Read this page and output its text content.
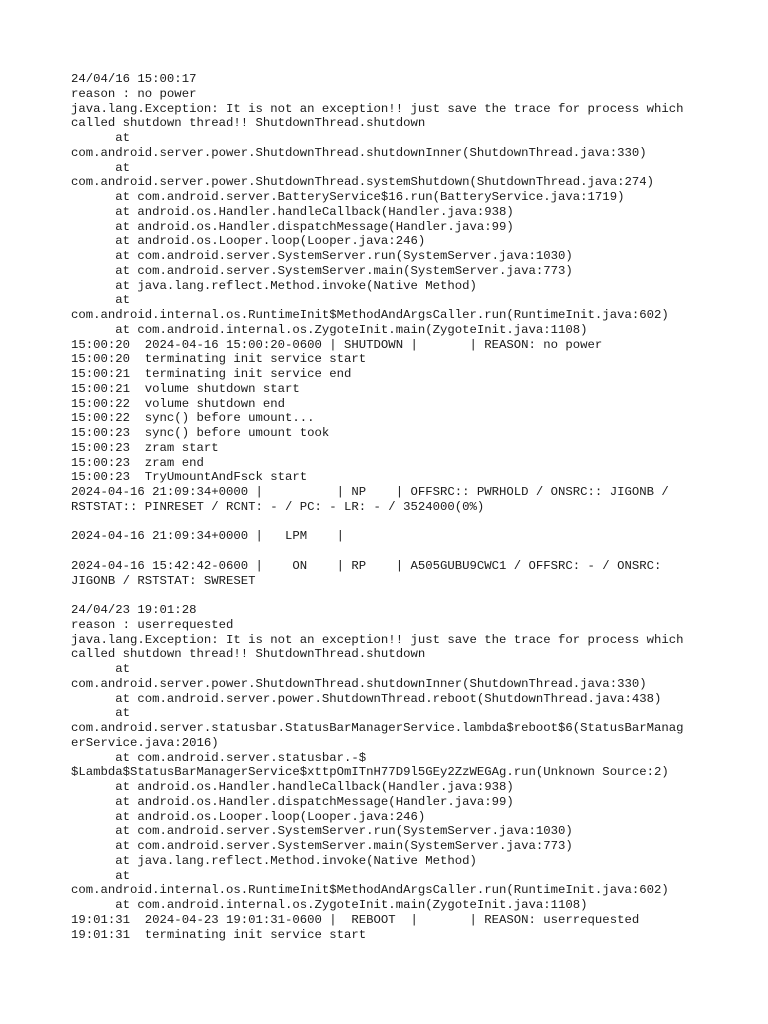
24/04/16 15:00:17
reason : no power
java.lang.Exception: It is not an exception!! just save the trace for process which
called shutdown thread!! ShutdownThread.shutdown
at
com.android.server.power.ShutdownThread.shutdownInner(ShutdownThread.java:330)
at
com.android.server.power.ShutdownThread.systemShutdown(ShutdownThread.java:274)
at com.android.server.BatteryService$16.run(BatteryService.java:1719)
at android.os.Handler.handleCallback(Handler.java:938)
at android.os.Handler.dispatchMessage(Handler.java:99)
at android.os.Looper.loop(Looper.java:246)
at com.android.server.SystemServer.run(SystemServer.java:1030)
at com.android.server.SystemServer.main(SystemServer.java:773)
at java.lang.reflect.Method.invoke(Native Method)
at
com.android.internal.os.RuntimeInit$MethodAndArgsCaller.run(RuntimeInit.java:602)
at com.android.internal.os.ZygoteInit.main(ZygoteInit.java:1108)
15:00:20  2024-04-16 15:00:20-0600 | SHUTDOWN |       | REASON: no power
15:00:20  terminating init service start
15:00:21  terminating init service end
15:00:21  volume shutdown start
15:00:22  volume shutdown end
15:00:22  sync() before umount...
15:00:23  sync() before umount took
15:00:23  zram start
15:00:23  zram end
15:00:23  TryUmountAndFsck start
2024-04-16 21:09:34+0000 |          | NP    | OFFSRC:: PWRHOLD / ONSRC:: JIGONB /
RSTSTAT:: PINRESET / RCNT: - / PC: - LR: - / 3524000(0%)
2024-04-16 21:09:34+0000 |   LPM    |
2024-04-16 15:42:42-0600 |    ON    | RP    | A505GUBU9CWC1 / OFFSRC: - / ONSRC:
JIGONB / RSTSTAT: SWRESET
24/04/23 19:01:28
reason : userrequested
java.lang.Exception: It is not an exception!! just save the trace for process which
called shutdown thread!! ShutdownThread.shutdown
at
com.android.server.power.ShutdownThread.shutdownInner(ShutdownThread.java:330)
at com.android.server.power.ShutdownThread.reboot(ShutdownThread.java:438)
at
com.android.server.statusbar.StatusBarManagerService.lambda$reboot$6(StatusBarManag
erService.java:2016)
at com.android.server.statusbar.-$
$Lambda$StatusBarManagerService$xttpOmITnH77D9l5GEy2ZzWEGAg.run(Unknown Source:2)
at android.os.Handler.handleCallback(Handler.java:938)
at android.os.Handler.dispatchMessage(Handler.java:99)
at android.os.Looper.loop(Looper.java:246)
at com.android.server.SystemServer.run(SystemServer.java:1030)
at com.android.server.SystemServer.main(SystemServer.java:773)
at java.lang.reflect.Method.invoke(Native Method)
at
com.android.internal.os.RuntimeInit$MethodAndArgsCaller.run(RuntimeInit.java:602)
at com.android.internal.os.ZygoteInit.main(ZygoteInit.java:1108)
19:01:31  2024-04-23 19:01:31-0600 |  REBOOT  |       | REASON: userrequested
19:01:31  terminating init service start
